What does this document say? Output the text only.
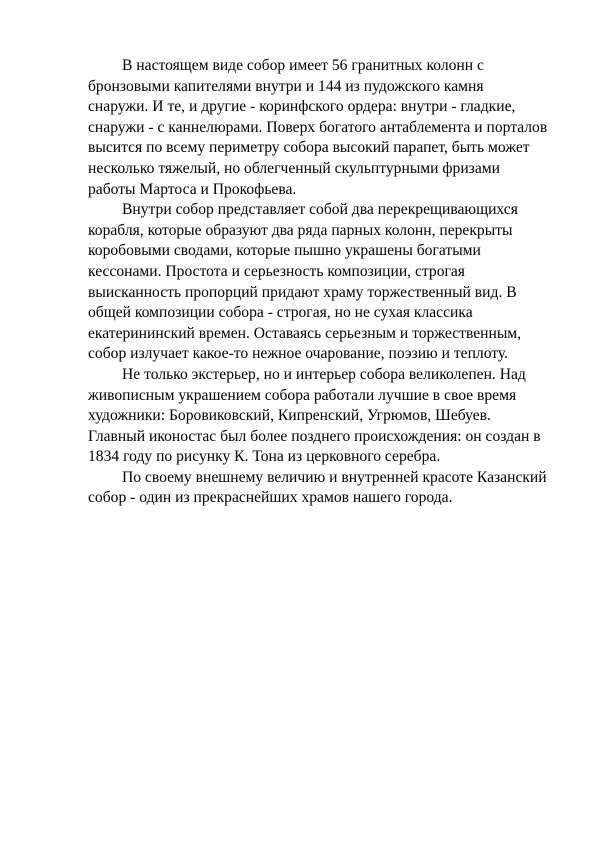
В настоящем виде собор имеет 56 гранитных колонн с
бронзовыми капителями внутри и 144 из пудожского камня
снаружи. И те, и другие - коринфского ордера: внутри - гладкие,
снаружи - с каннелюрами. Поверх богатого антаблемента и порталов
высится по всему периметру собора высокий парапет, быть может
несколько тяжелый, но облегченный скульптурными фризами
работы Мартоса и Прокофьева.

Внутри собор представляет собой два перекрещивающихся
корабля, которые образуют два ряда парных колонн, перекрыты
коробовыми сводами, которые пышно украшены богатыми
кессонами. Простота и серьезность композиции, строгая
выисканность пропорций придают храму торжественный вид. В
общей композиции собора - строгая, но не сухая классика
екатерининский времен. Оставаясь серьезным и торжественным,
собор излучает какое-то нежное очарование, поэзию и теплоту.

Не только экстерьер, но и интерьер собора великолепен. Над
живописным украшением собора работали лучшие в свое время
художники: Боровиковский, Кипренский, Угрюмов, Шебуев.
Главный иконостас был более позднего происхождения: он создан в
1834 году по рисунку К. Тона из церковного серебра.

По своему внешнему величию и внутренней красоте Казанский
собор - один из прекраснейших храмов нашего города.
